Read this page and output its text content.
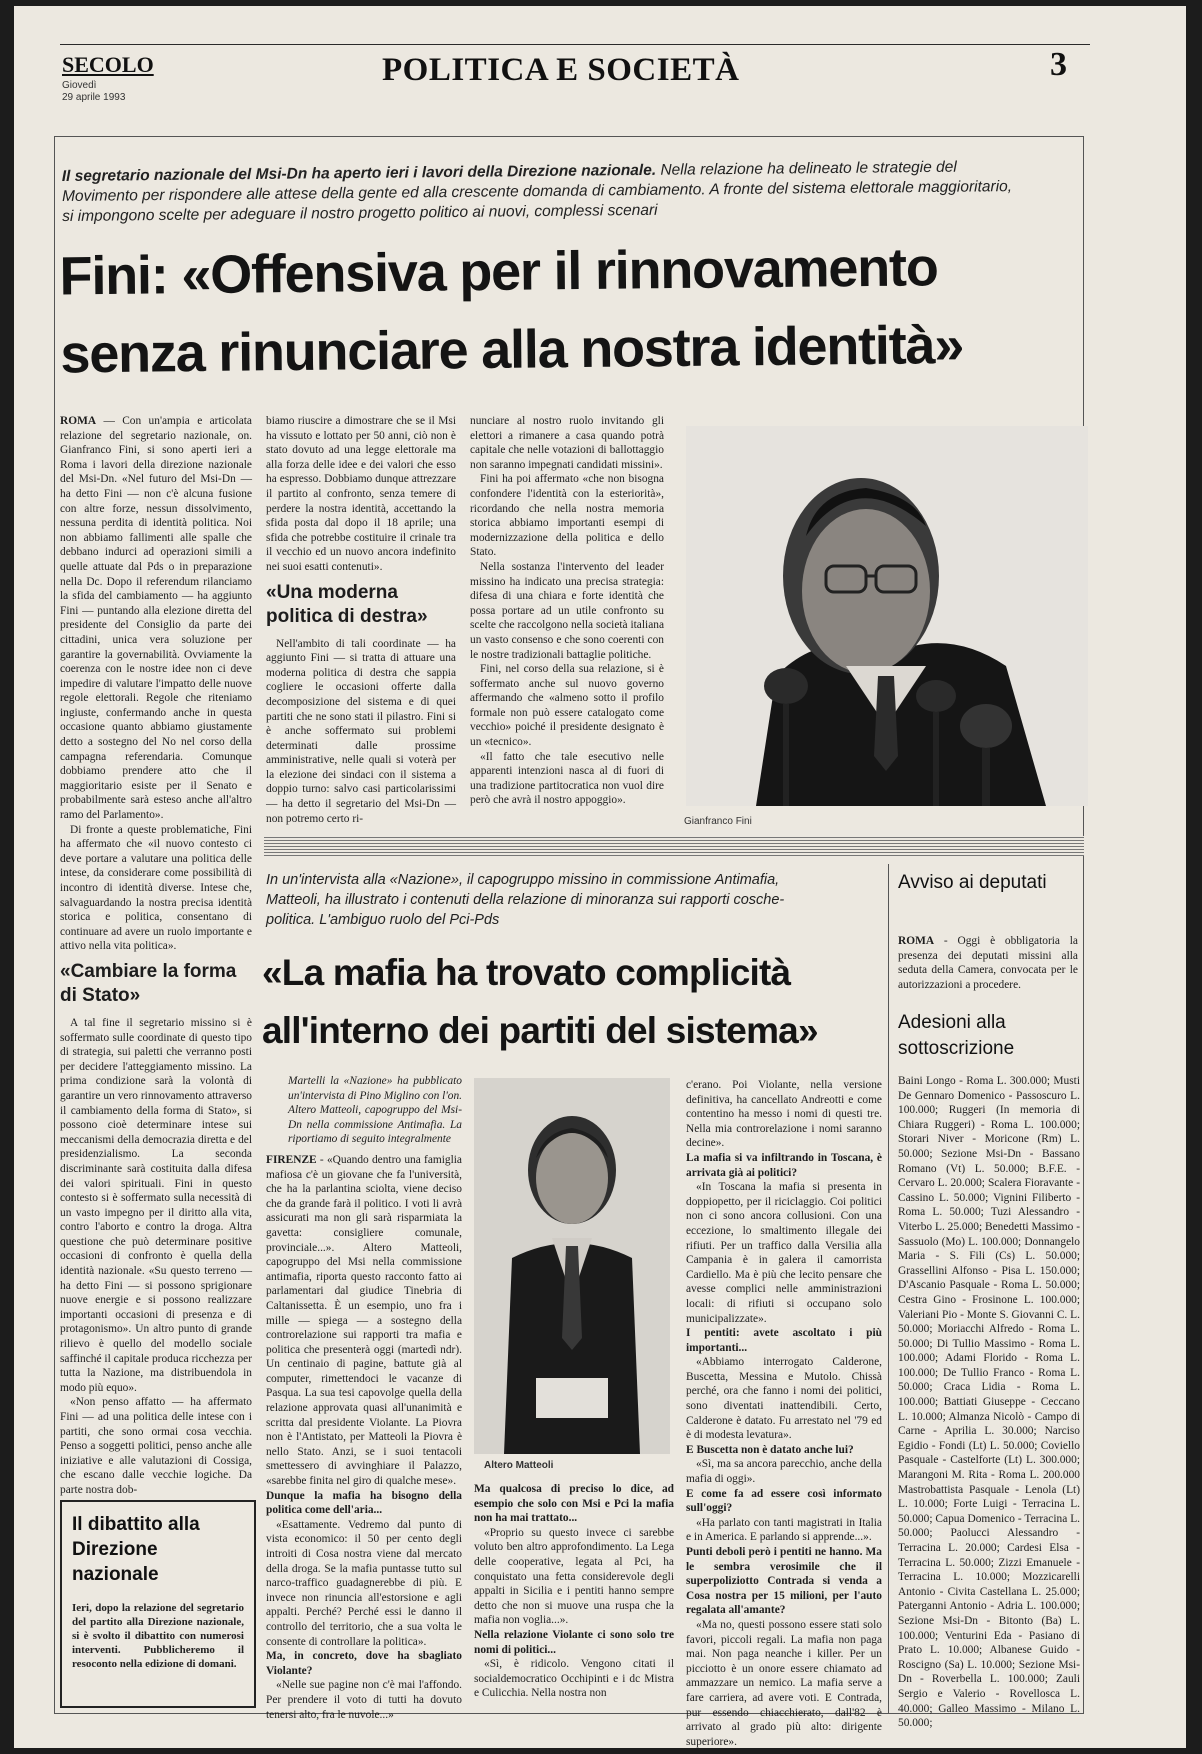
SECOLO
Giovedì
29 aprile 1993
POLITICA E SOCIETÀ	3
Il segretario nazionale del Msi-Dn ha aperto ieri i lavori della Direzione nazionale. Nella relazione ha delineato le strategie del Movimento per rispondere alle attese della gente ed alla crescente domanda di cambiamento. A fronte del sistema elettorale maggioritario, si impongono scelte per adeguare il nostro progetto politico ai nuovi, complessi scenari
Fini: «Offensiva per il rinnovamento
senza rinunciare alla nostra identità»

ROMA — Con un'ampia e articolata relazione del segretario nazionale, on. Gianfranco Fini, si sono aperti ieri a Roma i lavori della direzione nazionale del Msi-Dn. «Nel futuro del Msi-Dn — ha detto Fini — non c'è alcuna fusione con altre forze, nessun dissolvimento, nessuna perdita di identità politica. Noi non abbiamo fallimenti alle spalle che debbano indurci ad operazioni simili a quelle attuate dal Pds o in preparazione nella Dc. Dopo il referendum rilanciamo la sfida del cambiamento — ha aggiunto Fini — puntando alla elezione diretta del presidente del Consiglio da parte dei cittadini, unica vera soluzione per garantire la governabilità. Ovviamente la coerenza con le nostre idee non ci deve impedire di valutare l'impatto delle nuove regole elettorali. Regole che riteniamo ingiuste, confermando anche in questa occasione quanto abbiamo giustamente detto a sostegno del No nel corso della campagna referendaria. Comunque dobbiamo prendere atto che il maggioritario esiste per il Senato e probabilmente sarà esteso anche all'altro ramo del Parlamento».

Di fronte a queste problematiche, Fini ha affermato che «il nuovo contesto ci deve portare a valutare una politica delle intese, da considerare come possibilità di incontro di identità diverse. Intese che, salvaguardando la nostra precisa identità storica e politica, consentano di continuare ad avere un ruolo importante e attivo nella vita politica».

«Cambiare la forma di Stato»

A tal fine il segretario missino si è soffermato sulle coordinate di questo tipo di strategia, sui paletti che verranno posti per decidere l'atteggiamento missino. La prima condizione sarà la volontà di garantire un vero rinnovamento attraverso il cambiamento della forma di Stato», si possono cioè determinare intese sui meccanismi della democrazia diretta e del presidenzialismo. La seconda discriminante sarà costituita dalla difesa dei valori spirituali. Fini in questo contesto si è soffermato sulla necessità di un vasto impegno per il diritto alla vita, contro l'aborto e contro la droga. Altra questione che può determinare positive occasioni di confronto è quella della identità nazionale. «Su questo terreno — ha detto Fini — si possono sprigionare nuove energie e si possono realizzare importanti occasioni di presenza e di protagonismo». Un altro punto di grande rilievo è quello del modello sociale saffinché il capitale produca ricchezza per tutta la Nazione, ma distribuendola in modo più equo».

«Non penso affatto — ha affermato Fini — ad una politica delle intese con i partiti, che sono ormai cosa vecchia. Penso a soggetti politici, penso anche alle iniziative e alle valutazioni di Cossiga, che escano dalle vecchie logiche. Da parte nostra dob-

biamo riuscire a dimostrare che se il Msi ha vissuto e lottato per 50 anni, ciò non è stato dovuto ad una legge elettorale ma alla forza delle idee e dei valori che esso ha espresso. Dobbiamo dunque attrezzare il partito al confronto, senza temere di perdere la nostra identità, accettando la sfida posta dal dopo il 18 aprile; una sfida che potrebbe costituire il crinale tra il vecchio ed un nuovo ancora indefinito nei suoi esatti contenuti».

«Una moderna politica di destra»

Nell'ambito di tali coordinate — ha aggiunto Fini — si tratta di attuare una moderna politica di destra che sappia cogliere le occasioni offerte dalla decomposizione del sistema e di quei partiti che ne sono stati il pilastro. Fini si è anche soffermato sui problemi determinati dalle prossime amministrative, nelle quali si voterà per la elezione dei sindaci con il sistema a doppio turno: salvo casi particolarissimi — ha detto il segretario del Msi-Dn — non potremo certo ri-

nunciare al nostro ruolo invitando gli elettori a rimanere a casa quando potrà capitale che nelle votazioni di ballottaggio non saranno impegnati candidati missini».

Fini ha poi affermato «che non bisogna confondere l'identità con la esteriorità», ricordando che nella nostra memoria storica abbiamo importanti esempi di modernizzazione della politica e dello Stato.

Nella sostanza l'intervento del leader missino ha indicato una precisa strategia: difesa di una chiara e forte identità che possa portare ad un utile confronto su scelte che raccolgono nella società italiana un vasto consenso e che sono coerenti con le nostre tradizionali battaglie politiche.

Fini, nel corso della sua relazione, si è soffermato anche sul nuovo governo affermando che «almeno sotto il profilo formale non può essere catalogato come vecchio» poiché il presidente designato è un «tecnico».

«Il fatto che tale esecutivo nelle apparenti intenzioni nasca al di fuori di una tradizione partitocratica non vuol dire però che avrà il nostro appoggio».

Gianfranco Fini
Il dibattito alla Direzione nazionale
Ieri, dopo la relazione del segretario del partito alla Direzione nazionale, si è svolto il dibattito con numerosi interventi. Pubblicheremo il resoconto nella edizione di domani.
In un'intervista alla «Nazione», il capogruppo missino in commissione Antimafia, Matteoli, ha illustrato i contenuti della relazione di minoranza sui rapporti cosche-politica. L'ambiguo ruolo del Pci-Pds
«La mafia ha trovato complicità
all'interno dei partiti del sistema»

Martelli la «Nazione» ha pubblicato un'intervista di Pino Miglino con l'on. Altero Matteoli, capogruppo del Msi-Dn nella commissione Antimafia. La riportiamo di seguito integralmente

FIRENZE - «Quando dentro una famiglia mafiosa c'è un giovane che fa l'università, che ha la parlantina sciolta, viene deciso che da grande farà il politico. I voti li avrà assicurati ma non gli sarà risparmiata la gavetta: consigliere comunale, provinciale...». Altero Matteoli, capogruppo del Msi nella commissione antimafia, riporta questo racconto fatto ai parlamentari dal giudice Tinebria di Caltanissetta. È un esempio, uno fra i mille — spiega — a sostegno della controrelazione sui rapporti tra mafia e politica che presenterà oggi (martedì ndr). Un centinaio di pagine, battute già al computer, rimettendoci le vacanze di Pasqua. La sua tesi capovolge quella della relazione approvata quasi all'unanimità e scritta dal presidente Violante. La Piovra non è l'Antistato, per Matteoli la Piovra è nello Stato. Anzi, se i suoi tentacoli smettessero di avvinghiare il Palazzo, «sarebbe finita nel giro di qualche mese».

Dunque la mafia ha bisogno della politica come dell'aria...

«Esattamente. Vedremo dal punto di vista economico: il 50 per cento degli introiti di Cosa nostra viene dal mercato della droga. Se la mafia puntasse tutto sul narco-traffico guadagnerebbe di più. E invece non rinuncia all'estorsione e agli appalti. Perché? Perché essi le danno il controllo del territorio, che a sua volta le consente di controllare la politica».

Ma, in concreto, dove ha sbagliato Violante?

«Nelle sue pagine non c'è mai l'affondo. Per prendere il voto di tutti ha dovuto tenersi alto, fra le nuvole...»

Altero Matteoli

Ma qualcosa di preciso lo dice, ad esempio che solo con Msi e Pci la mafia non ha mai trattato...

«Proprio su questo invece ci sarebbe voluto ben altro approfondimento. La Lega delle cooperative, legata al Pci, ha conquistato una fetta considerevole degli appalti in Sicilia e i pentiti hanno sempre detto che non si muove una ruspa che la mafia non voglia...».

Nella relazione Violante ci sono solo tre nomi di politici...

«Sì, è ridicolo. Vengono citati il socialdemocratico Occhipinti e i dc Mistra e Culicchia. Nella nostra non

c'erano. Poi Violante, nella versione definitiva, ha cancellato Andreotti e come contentino ha messo i nomi di questi tre. Nella mia controrelazione i nomi saranno decine».

La mafia si va infiltrando in Toscana, è arrivata già ai politici?

«In Toscana la mafia si presenta in doppiopetto, per il riciclaggio. Coi politici non ci sono ancora collusioni. Con una eccezione, lo smaltimento illegale dei rifiuti. Per un traffico dalla Versilia alla Campania è in galera il camorrista Cardiello. Ma è più che lecito pensare che avesse complici nelle amministrazioni locali: di rifiuti si occupano solo municipalizzate».

I pentiti: avete ascoltato i più importanti...

«Abbiamo interrogato Calderone, Buscetta, Messina e Mutolo. Chissà perché, ora che fanno i nomi dei politici, sono diventati inattendibili. Certo, Calderone è datato. Fu arrestato nel '79 ed è di modesta levatura».

E Buscetta non è datato anche lui?

«Sì, ma sa ancora parecchio, anche della mafia di oggi».

E come fa ad essere così informato sull'oggi?

«Ha parlato con tanti magistrati in Italia e in America. E parlando si apprende...».

Punti deboli però i pentiti ne hanno. Ma le sembra verosimile che il superpoliziotto Contrada si venda a Cosa nostra per 15 milioni, per l'auto regalata all'amante?

«Ma no, questi possono essere stati solo favori, piccoli regali. La mafia non paga mai. Non paga neanche i killer. Per un picciotto è un onore essere chiamato ad ammazzare un nemico. La mafia serve a fare carriera, ad avere voti. E Contrada, pur essendo chiacchierato, dall'82 è arrivato al grado più alto: dirigente superiore».

Avviso ai deputati

ROMA - Oggi è obbligatoria la presenza dei deputati missini alla seduta della Camera, convocata per le autorizzazioni a procedere.

Adesioni alla sottoscrizione

Baini Longo - Roma L. 300.000; Musti De Gennaro Domenico - Passoscuro L. 100.000; Ruggeri (In memoria di Chiara Ruggeri) - Roma L. 100.000; Storari Niver - Moricone (Rm) L. 50.000; Sezione Msi-Dn - Bassano Romano (Vt) L. 50.000; B.F.E. - Cervaro L. 20.000; Scalera Fioravante - Cassino L. 50.000; Vignini Filiberto - Roma L. 50.000; Tuzi Alessandro - Viterbo L. 25.000; Benedetti Massimo - Sassuolo (Mo) L. 100.000; Donnangelo Maria - S. Fili (Cs) L. 50.000; Grassellini Alfonso - Pisa L. 150.000; D'Ascanio Pasquale - Roma L. 50.000; Cestra Gino - Frosinone L. 100.000; Valeriani Pio - Monte S. Giovanni C. L. 50.000; Moriacchi Alfredo - Roma L. 50.000; Di Tullio Massimo - Roma L. 100.000; Adami Florido - Roma L. 100.000; De Tullio Franco - Roma L. 50.000; Craca Lidia - Roma L. 100.000; Battiati Giuseppe - Ceccano L. 10.000; Almanza Nicolò - Campo di Carne - Aprilia L. 30.000; Narciso Egidio - Fondi (Lt) L. 50.000; Coviello Pasquale - Castelforte (Lt) L. 300.000; Marangoni M. Rita - Roma L. 200.000 Mastrobattista Pasquale - Lenola (Lt) L. 10.000; Forte Luigi - Terracina L. 50.000; Capua Domenico - Terracina L. 50.000; Paolucci Alessandro - Terracina L. 20.000; Cardesi Elsa - Terracina L. 50.000; Zizzi Emanuele - Terracina L. 10.000; Mozzicarelli Antonio - Civita Castellana L. 25.000; Paterganni Antonio - Adria L. 100.000; Sezione Msi-Dn - Bitonto (Ba) L. 100.000; Venturini Eda - Pasiano di Prato L. 10.000; Albanese Guido - Roscigno (Sa) L. 10.000; Sezione Msi-Dn - Roverbella L. 100.000; Zauli Sergio e Valerio - Rovellosca L. 40.000; Galleo Massimo - Milano L. 50.000;
